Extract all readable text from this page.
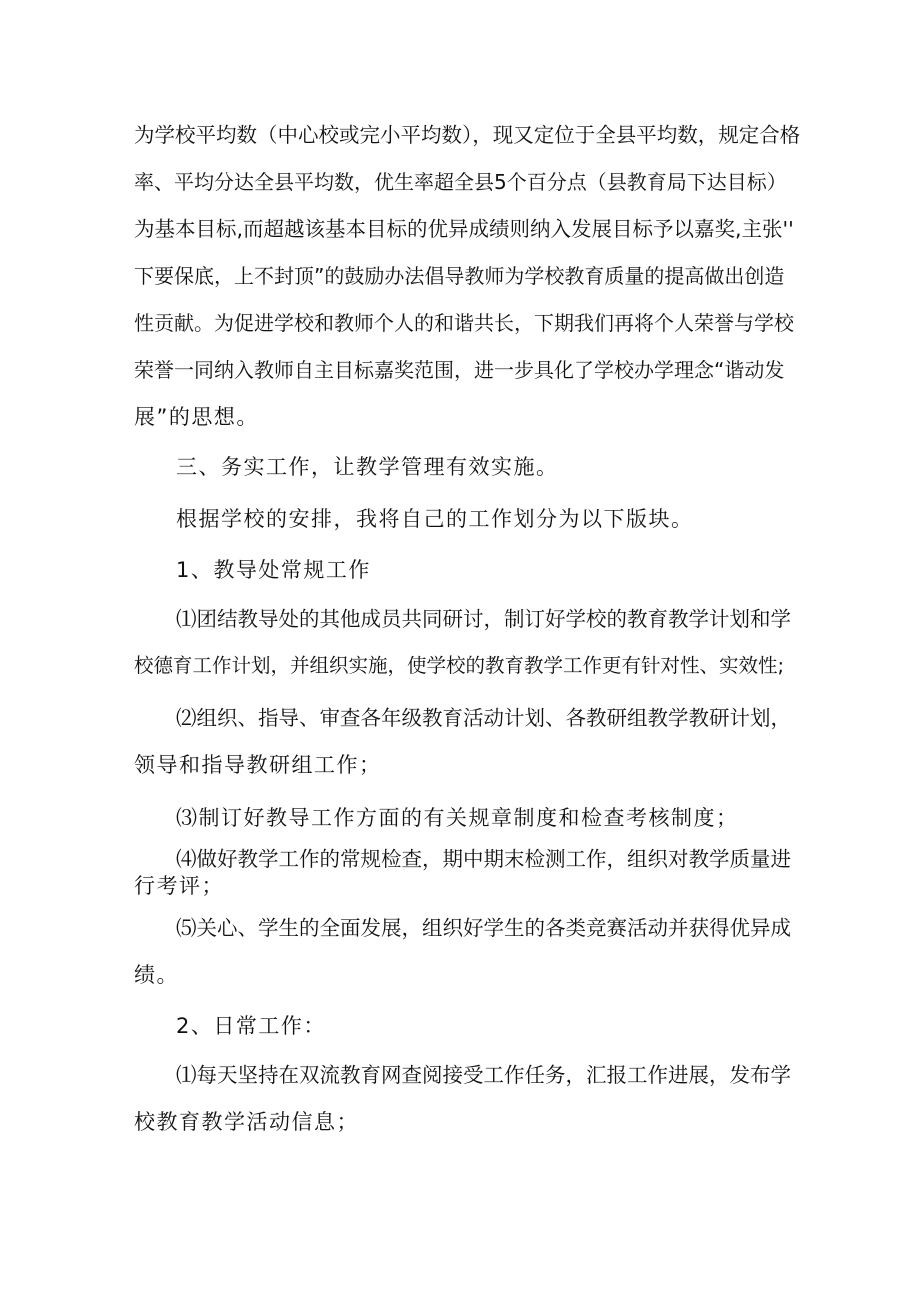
为学校平均数（中心校或完小平均数），现又定位于全县平均数，规定合格

率、平均分达全县平均数，优生率超全县5个百分点（县教育局下达目标）

为基本目标,而超越该基本目标的优异成绩则纳入发展目标予以嘉奖,主张''

下要保底，上不封顶”的鼓励办法倡导教师为学校教育质量的提高做出创造

性贡献。为促进学校和教师个人的和谐共长，下期我们再将个人荣誉与学校

荣誉一同纳入教师自主目标嘉奖范围，进一步具化了学校办学理念“谐动发

展”的思想。

三、务实工作，让教学管理有效实施。

根据学校的安排，我将自己的工作划分为以下版块。

1、教导处常规工作

⑴团结教导处的其他成员共同研讨，制订好学校的教育教学计划和学

校德育工作计划，并组织实施，使学校的教育教学工作更有针对性、实效性;

⑵组织、指导、审查各年级教育活动计划、各教研组教学教研计划，

领导和指导教研组工作；

⑶制订好教导工作方面的有关规章制度和检查考核制度；

⑷做好教学工作的常规检查，期中期末检测工作，组织对教学质量进

行考评；

⑸关心、学生的全面发展，组织好学生的各类竞赛活动并获得优异成

绩。

2、日常工作：

⑴每天坚持在双流教育网查阅接受工作任务，汇报工作进展，发布学

校教育教学活动信息；
